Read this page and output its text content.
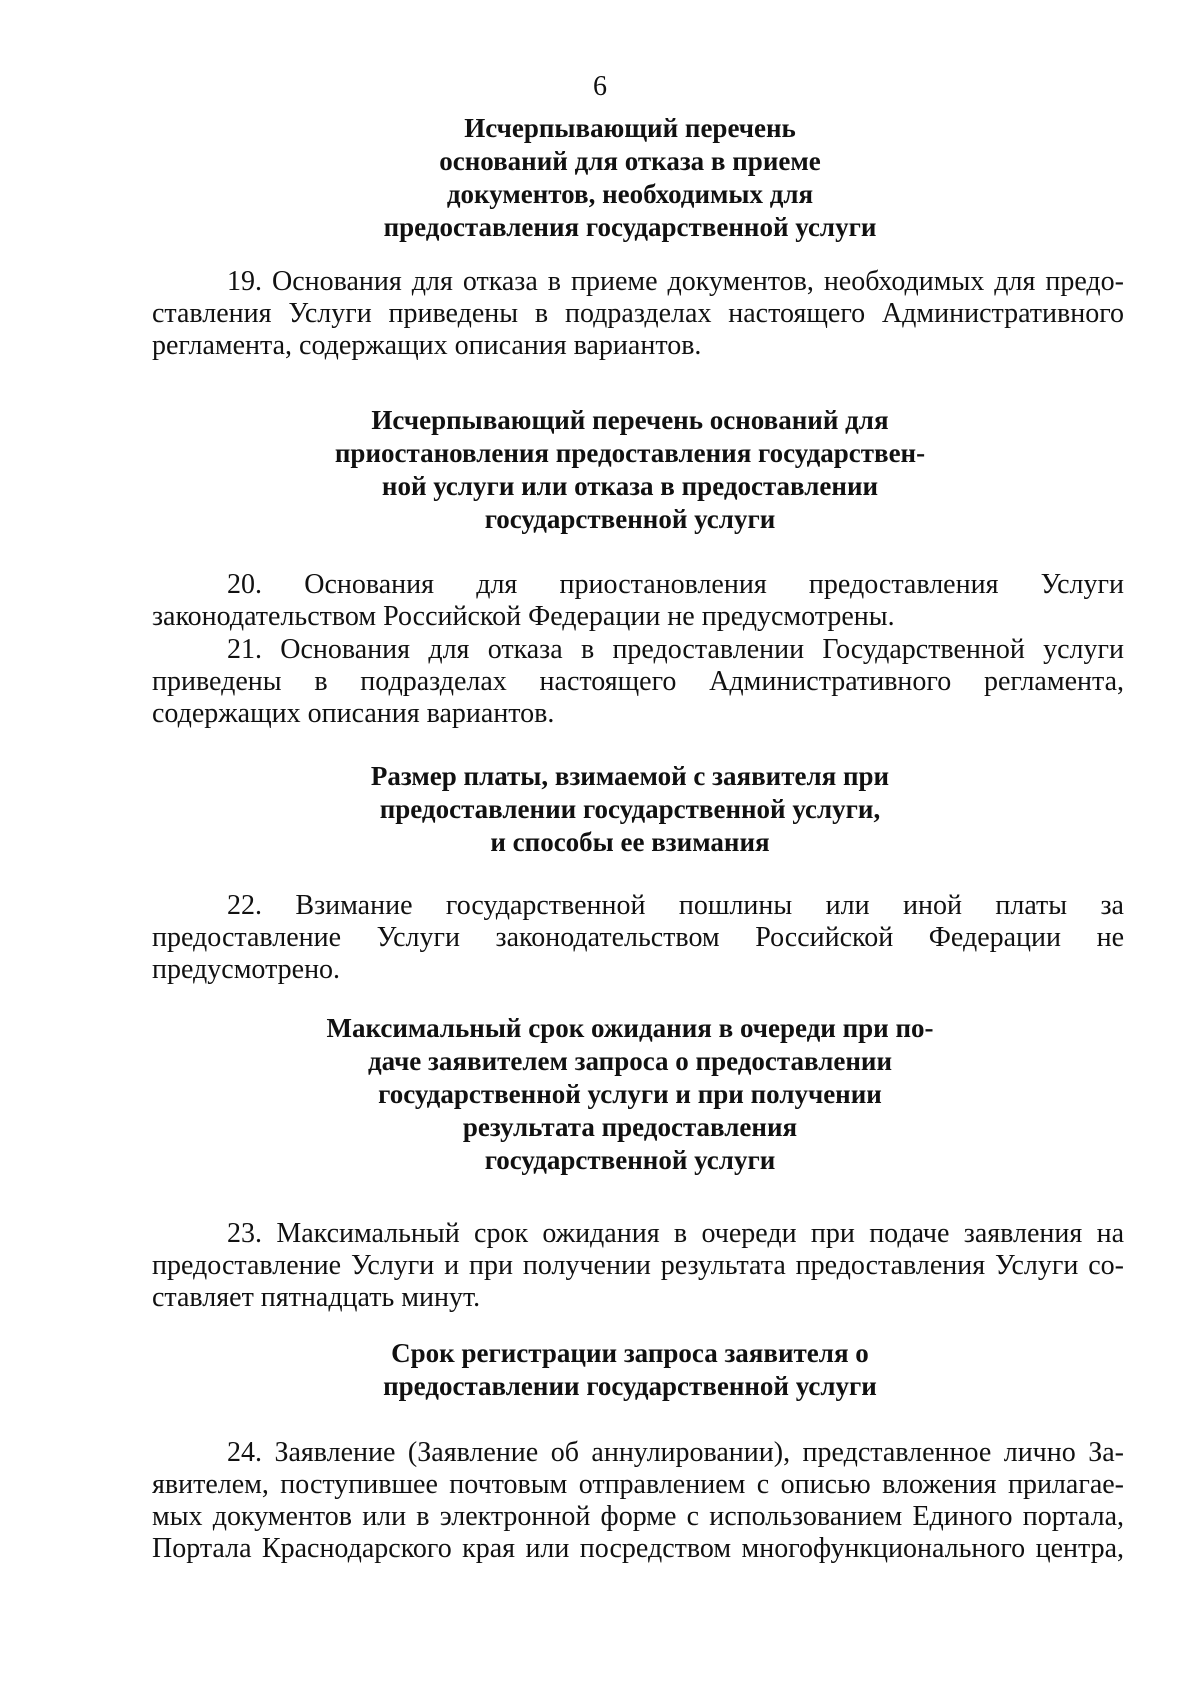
6
Исчерпывающий перечень
оснований для отказа в приеме
документов, необходимых для
предоставления государственной услуги
19. Основания для отказа в приеме документов, необходимых для предо-
ставления Услуги приведены в подразделах настоящего Административного
регламента, содержащих описания вариантов.
Исчерпывающий перечень оснований для
приостановления предоставления государствен-
ной услуги или отказа в предоставлении
государственной услуги
20. Основания для приостановления предоставления Услуги
законодательством Российской Федерации не предусмотрены.
21. Основания для отказа в предоставлении Государственной услуги
приведены в подразделах настоящего Административного регламента,
содержащих описания вариантов.
Размер платы, взимаемой с заявителя при
предоставлении государственной услуги,
и способы ее взимания
22. Взимание государственной пошлины или иной платы за
предоставление Услуги законодательством Российской Федерации не
предусмотрено.
Максимальный срок ожидания в очереди при по-
даче заявителем запроса о предоставлении
государственной услуги и при получении
результата предоставления
государственной услуги
23. Максимальный срок ожидания в очереди при подаче заявления на
предоставление Услуги и при получении результата предоставления Услуги со-
ставляет пятнадцать минут.
Срок регистрации запроса заявителя о
предоставлении государственной услуги
24. Заявление (Заявление об аннулировании), представленное лично За-
явителем, поступившее почтовым отправлением с описью вложения прилагае-
мых документов или в электронной форме с использованием Единого портала,
Портала Краснодарского края или посредством многофункционального центра,
